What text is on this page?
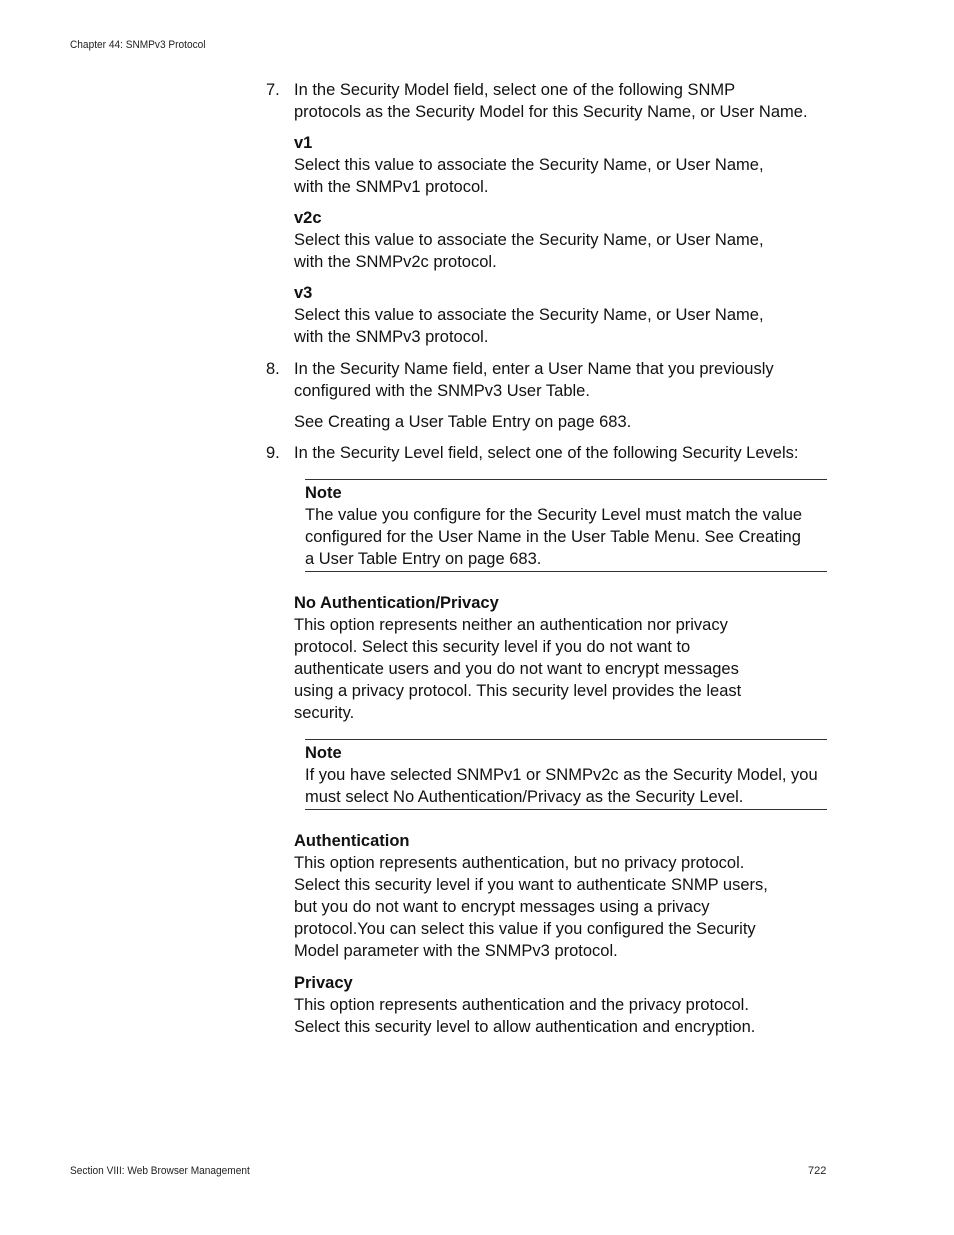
Chapter 44: SNMPv3 Protocol
7. In the Security Model field, select one of the following SNMP

protocols as the Security Model for this Security Name, or User Name.

v1

Select this value to associate the Security Name, or User Name,

with the SNMPv1 protocol.

v2c

Select this value to associate the Security Name, or User Name,

with the SNMPv2c protocol.

v3

Select this value to associate the Security Name, or User Name,

with the SNMPv3 protocol.

8. In the Security Name field, enter a User Name that you previously

configured with the SNMPv3 User Table.

See Creating a User Table Entry on page 683.

9. In the Security Level field, select one of the following Security Levels:

Note

The value you configure for the Security Level must match the value

configured for the User Name in the User Table Menu. See Creating

a User Table Entry on page 683.

No Authentication/Privacy

This option represents neither an authentication nor privacy

protocol. Select this security level if you do not want to

authenticate users and you do not want to encrypt messages

using a privacy protocol. This security level provides the least

security.

Note

If you have selected SNMPv1 or SNMPv2c as the Security Model, you

must select No Authentication/Privacy as the Security Level.

Authentication

This option represents authentication, but no privacy protocol.

Select this security level if you want to authenticate SNMP users,

but you do not want to encrypt messages using a privacy

protocol.You can select this value if you configured the Security

Model parameter with the SNMPv3 protocol.

Privacy

This option represents authentication and the privacy protocol.

Select this security level to allow authentication and encryption.

Section VIII: Web Browser Management	722
